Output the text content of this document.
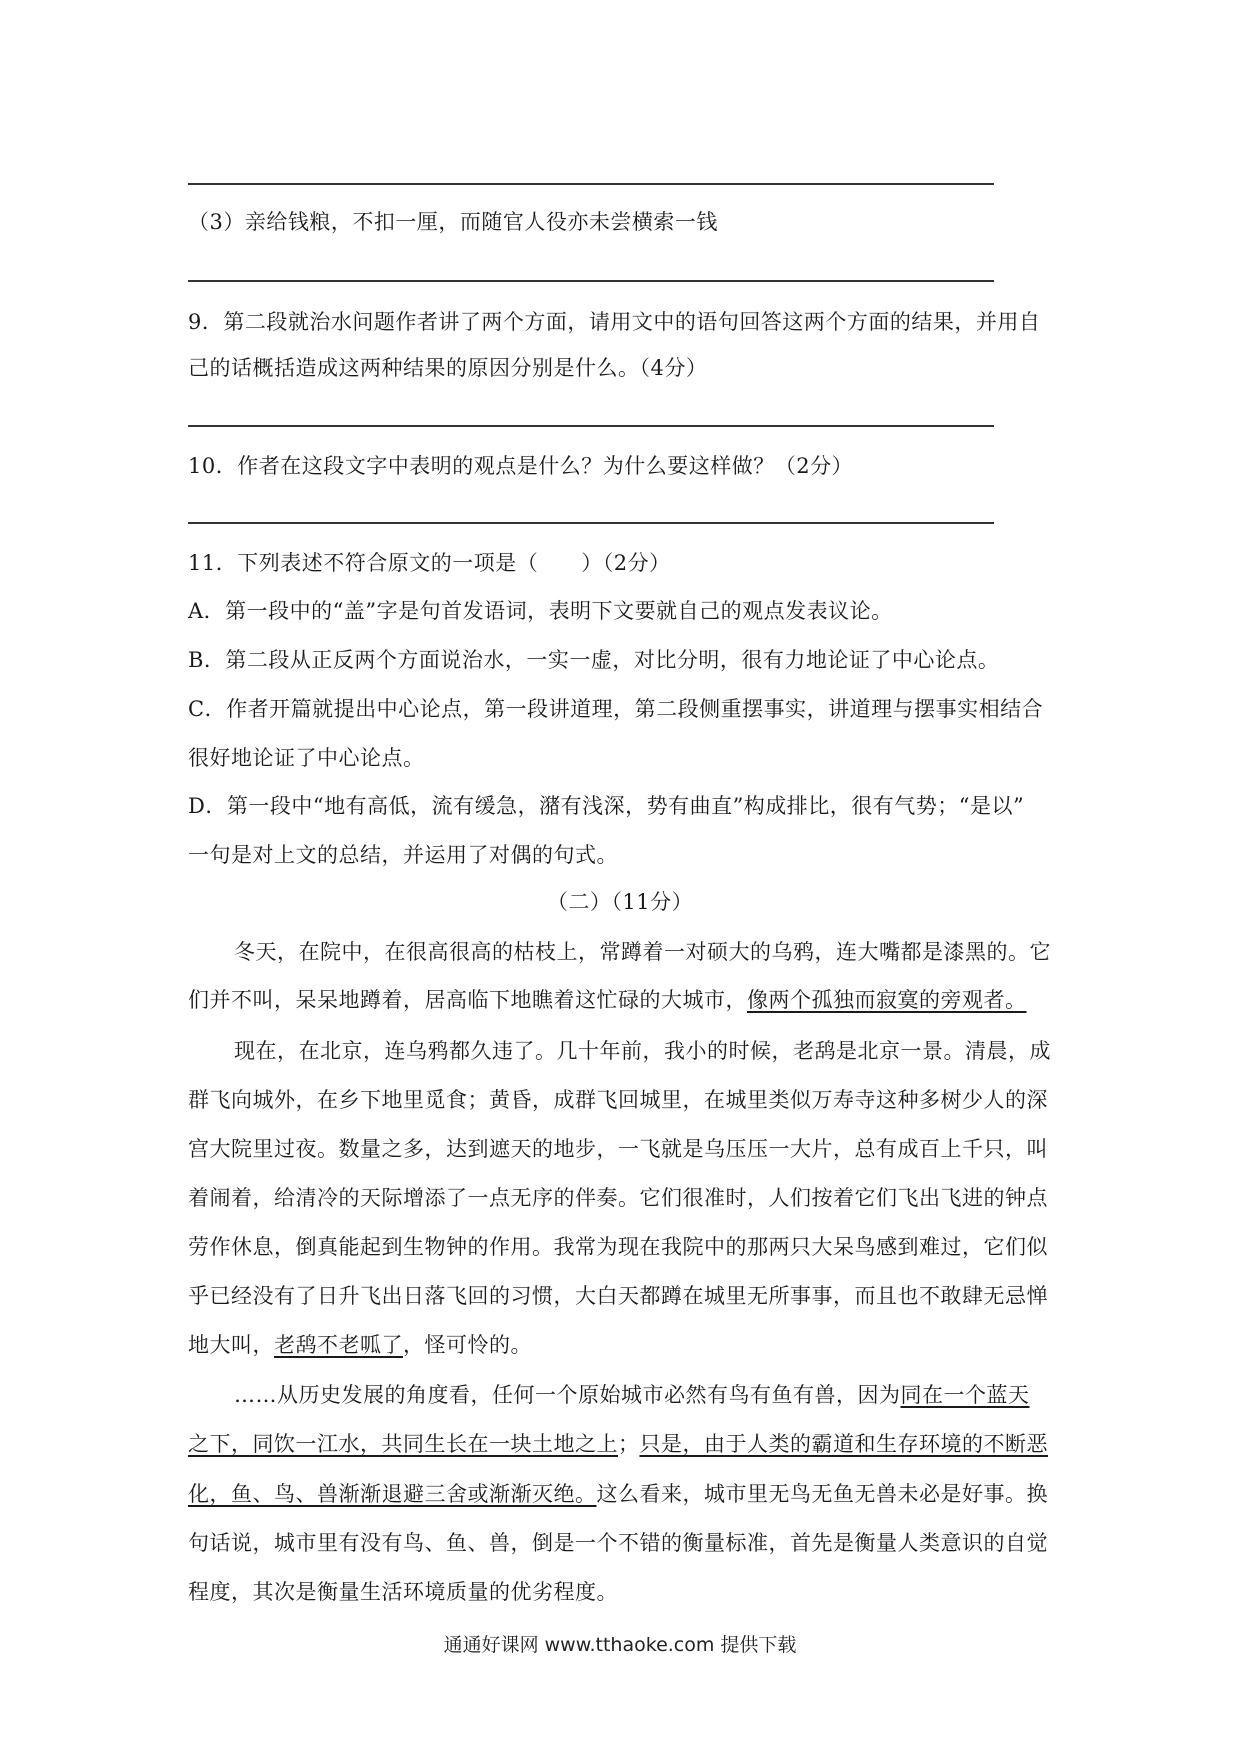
（3）亲给钱粮，不扣一厘，而随官人役亦未尝横索一钱
9．第二段就治水问题作者讲了两个方面，请用文中的语句回答这两个方面的结果，并用自
己的话概括造成这两种结果的原因分别是什么。（4分）
10．作者在这段文字中表明的观点是什么？为什么要这样做？（2分）
11．下列表述不符合原文的一项是（　　）（2分）
A．第一段中的“盖”字是句首发语词，表明下文要就自己的观点发表议论。
B．第二段从正反两个方面说治水，一实一虚，对比分明，很有力地论证了中心论点。
C．作者开篇就提出中心论点，第一段讲道理，第二段侧重摆事实，讲道理与摆事实相结合
很好地论证了中心论点。
D．第一段中“地有高低，流有缓急，潴有浅深，势有曲直”构成排比，很有气势；“是以”
一句是对上文的总结，并运用了对偶的句式。
（二）（11分）
冬天，在院中，在很高很高的枯枝上，常蹲着一对硕大的乌鸦，连大嘴都是漆黑的。它
们并不叫，呆呆地蹲着，居高临下地瞧着这忙碌的大城市，像两个孤独而寂寞的旁观者。
现在，在北京，连乌鸦都久违了。几十年前，我小的时候，老鸹是北京一景。清晨，成
群飞向城外，在乡下地里觅食；黄昏，成群飞回城里，在城里类似万寿寺这种多树少人的深
宫大院里过夜。数量之多，达到遮天的地步，一飞就是乌压压一大片，总有成百上千只，叫
着闹着，给清冷的天际增添了一点无序的伴奏。它们很准时，人们按着它们飞出飞进的钟点
劳作休息，倒真能起到生物钟的作用。我常为现在我院中的那两只大呆鸟感到难过，它们似
乎已经没有了日升飞出日落飞回的习惯，大白天都蹲在城里无所事事，而且也不敢肆无忌惮
地大叫，老鸹不老呱了，怪可怜的。
……从历史发展的角度看，任何一个原始城市必然有鸟有鱼有兽，因为同在一个蓝天
之下，同饮一江水，共同生长在一块土地之上；只是，由于人类的霸道和生存环境的不断恶
化，鱼、鸟、兽渐渐退避三舍或渐渐灭绝。这么看来，城市里无鸟无鱼无兽未必是好事。换
句话说，城市里有没有鸟、鱼、兽，倒是一个不错的衡量标准，首先是衡量人类意识的自觉
程度，其次是衡量生活环境质量的优劣程度。
通通好课网 www.tthaoke.com 提供下载
